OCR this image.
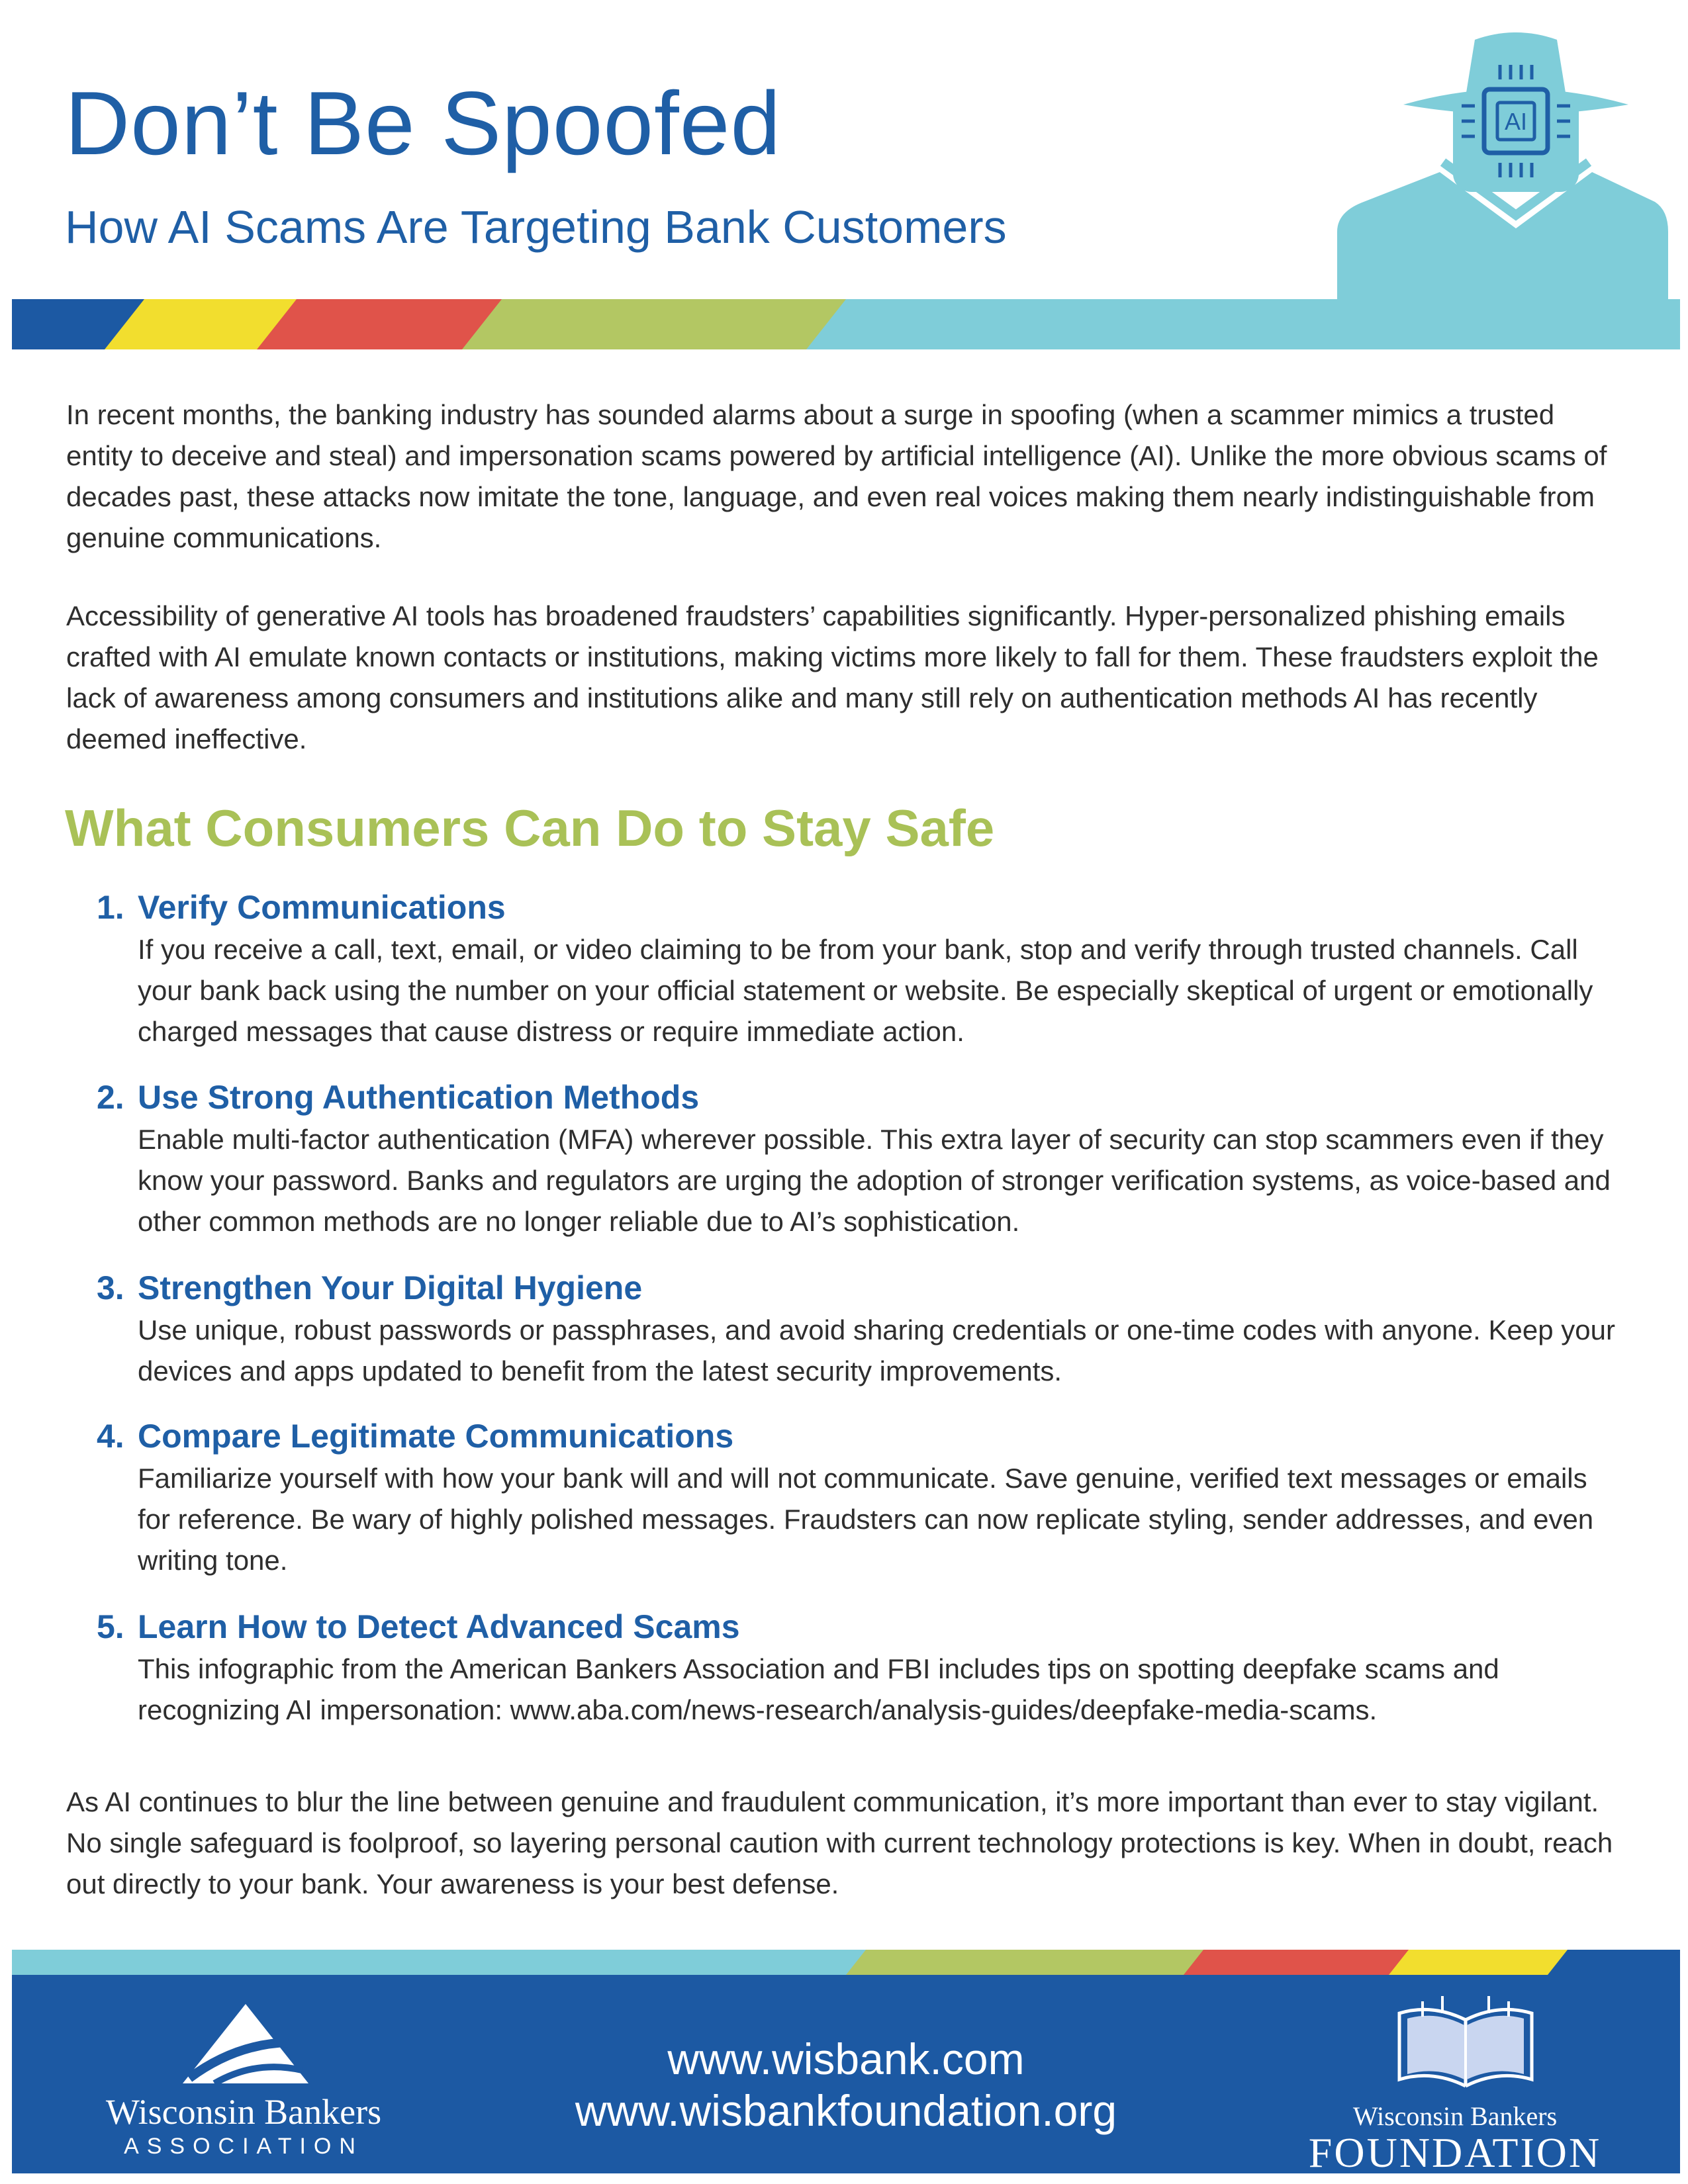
Don’t Be Spoofed
How AI Scams Are Targeting Bank Customers
AI

In recent months, the banking industry has sounded alarms about a surge in spoofing (when a scammer mimics a trusted entity to deceive and steal) and impersonation scams powered by artificial intelligence (AI). Unlike the more obvious scams of decades past, these attacks now imitate the tone, language, and even real voices making them nearly indistinguishable from genuine communications.

Accessibility of generative AI tools has broadened fraudsters’ capabilities significantly. Hyper-personalized phishing emails crafted with AI emulate known contacts or institutions, making victims more likely to fall for them. These fraudsters exploit the lack of awareness among consumers and institutions alike and many still rely on authentication methods AI has recently deemed ineffective.

What Consumers Can Do to Stay Safe
1. Verify Communications
If you receive a call, text, email, or video claiming to be from your bank, stop and verify through trusted channels. Call your bank back using the number on your official statement or website. Be especially skeptical of urgent or emotionally charged messages that cause distress or require immediate action.
2. Use Strong Authentication Methods
Enable multi-factor authentication (MFA) wherever possible. This extra layer of security can stop scammers even if they know your password. Banks and regulators are urging the adoption of stronger verification systems, as voice-based and other common methods are no longer reliable due to AI’s sophistication.
3. Strengthen Your Digital Hygiene
Use unique, robust passwords or passphrases, and avoid sharing credentials or one-time codes with anyone. Keep your devices and apps updated to benefit from the latest security improvements.
4. Compare Legitimate Communications
Familiarize yourself with how your bank will and will not communicate. Save genuine, verified text messages or emails for reference. Be wary of highly polished messages. Fraudsters can now replicate styling, sender addresses, and even writing tone.
5. Learn How to Detect Advanced Scams
This infographic from the American Bankers Association and FBI includes tips on spotting deepfake scams and recognizing AI impersonation: www.aba.com/news-research/analysis-guides/deepfake-media-scams.

As AI continues to blur the line between genuine and fraudulent communication, it’s more important than ever to stay vigilant. No single safeguard is foolproof, so layering personal caution with current technology protections is key. When in doubt, reach out directly to your bank. Your awareness is your best defense.

Wisconsin Bankers

ASSOCIATION

www.wisbank.com
www.wisbankfoundation.org	Wisconsin Bankers

FOUNDATION
